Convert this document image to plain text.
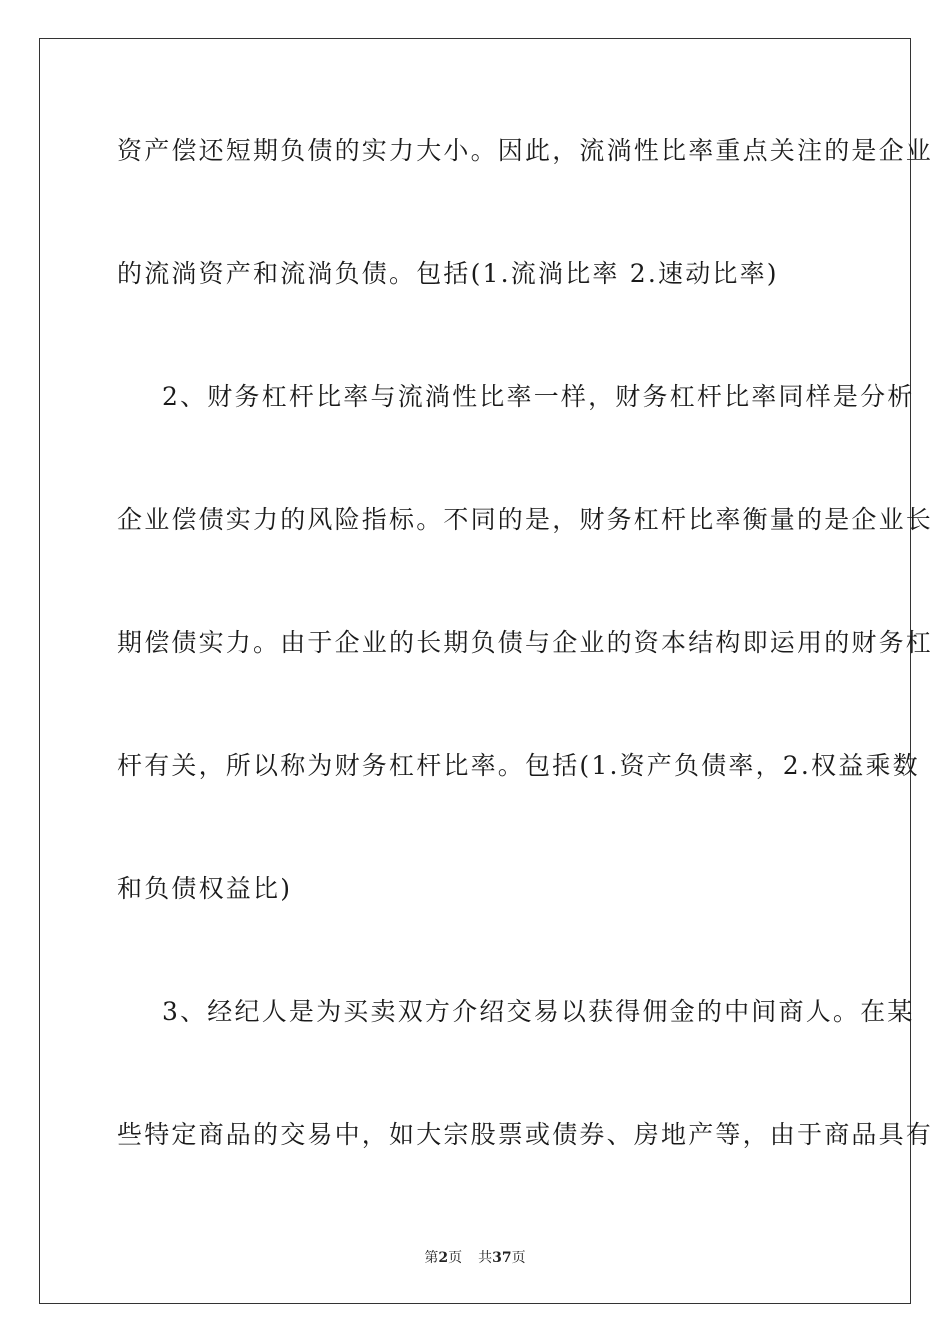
资产偿还短期负债的实力大小。因此，流淌性比率重点关注的是企业
的流淌资产和流淌负债。包括(1.流淌比率 2.速动比率)
2、财务杠杆比率与流淌性比率一样，财务杠杆比率同样是分析
企业偿债实力的风险指标。不同的是，财务杠杆比率衡量的是企业长
期偿债实力。由于企业的长期负债与企业的资本结构即运用的财务杠
杆有关，所以称为财务杠杆比率。包括(1.资产负债率，2.权益乘数
和负债权益比)
3、经纪人是为买卖双方介绍交易以获得佣金的中间商人。在某
些特定商品的交易中，如大宗股票或债券、房地产等，由于商品具有
第2页 共37页
